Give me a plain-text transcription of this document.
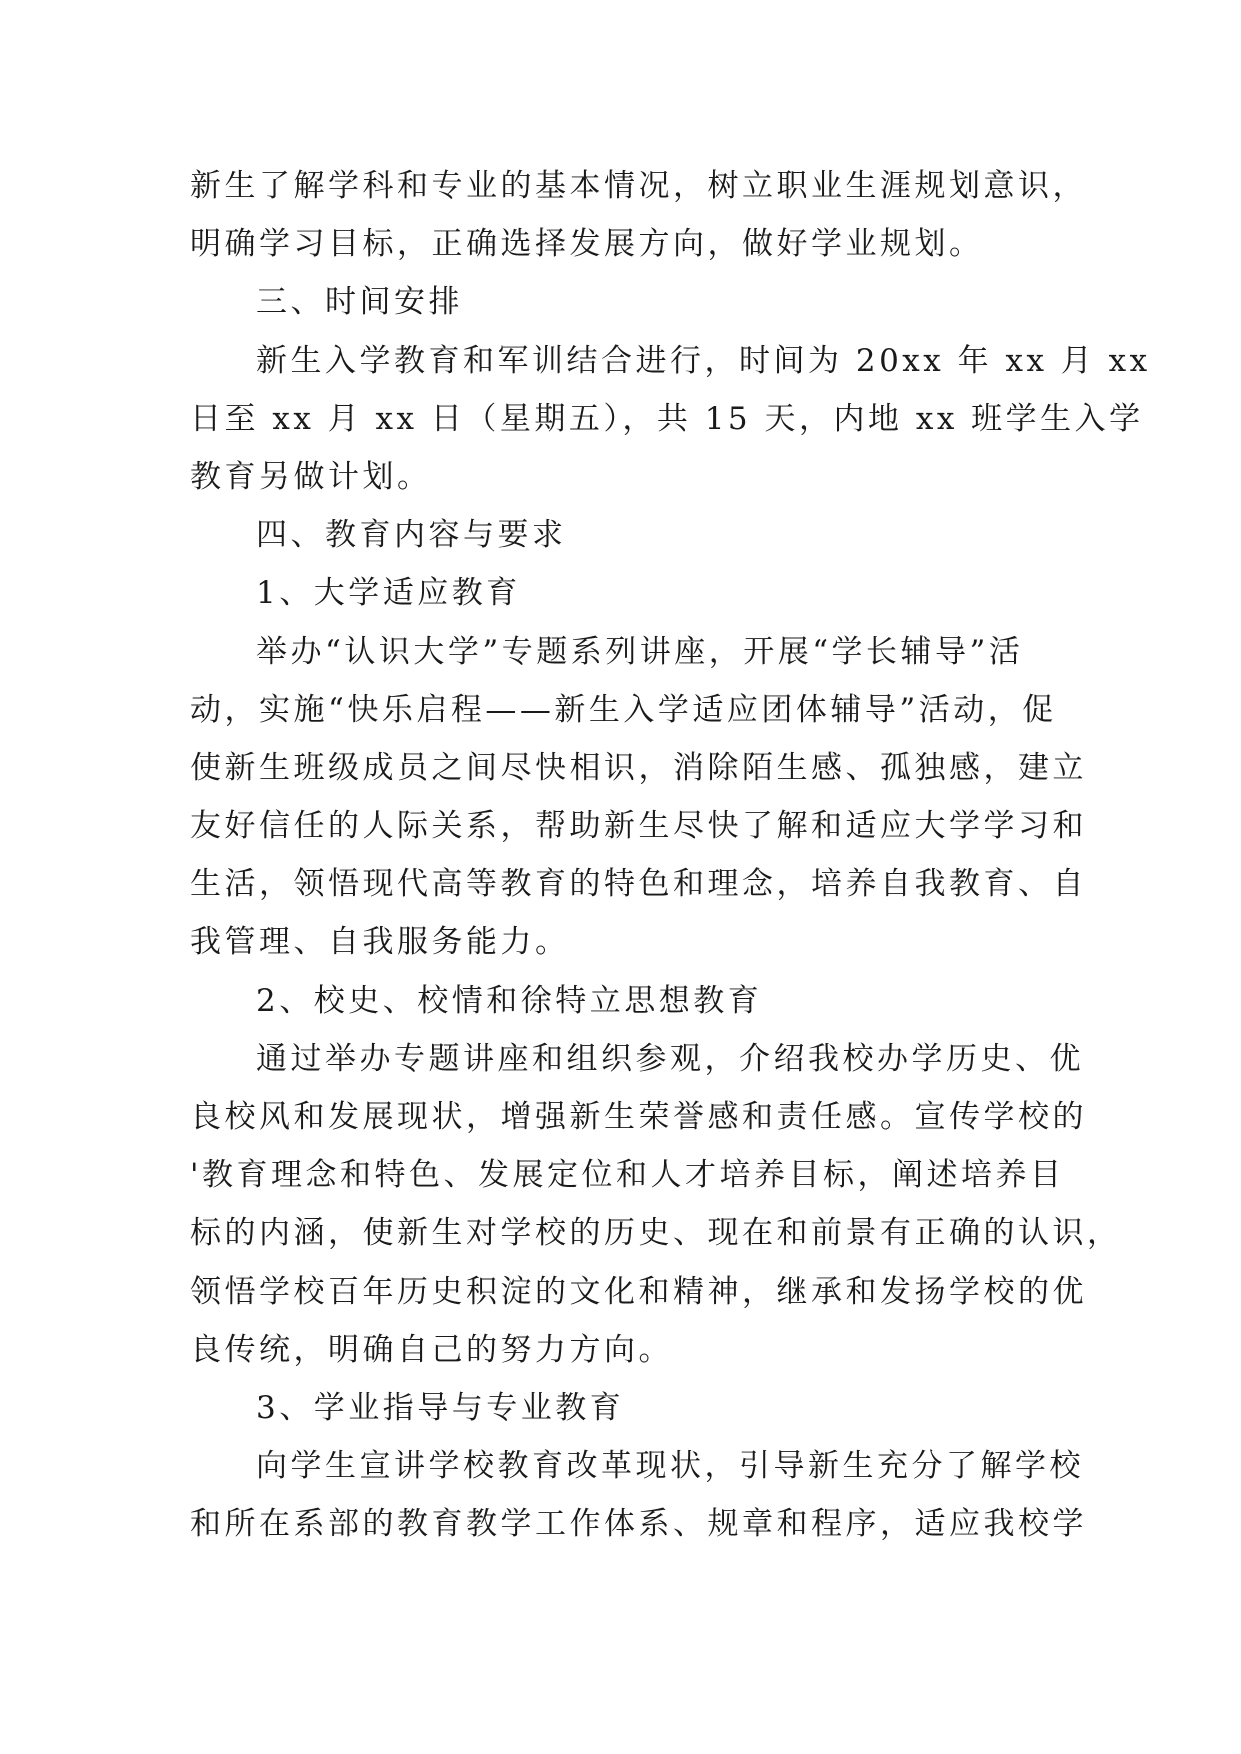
新生了解学科和专业的基本情况，树立职业生涯规划意识，
明确学习目标，正确选择发展方向，做好学业规划。
三、时间安排
新生入学教育和军训结合进行，时间为 20xx 年 xx 月 xx
日至 xx 月 xx 日（星期五），共 15 天，内地 xx 班学生入学
教育另做计划。
四、教育内容与要求
1、大学适应教育
举办“认识大学”专题系列讲座，开展“学长辅导”活
动，实施“快乐启程——新生入学适应团体辅导”活动，促
使新生班级成员之间尽快相识，消除陌生感、孤独感，建立
友好信任的人际关系，帮助新生尽快了解和适应大学学习和
生活，领悟现代高等教育的特色和理念，培养自我教育、自
我管理、自我服务能力。
2、校史、校情和徐特立思想教育
通过举办专题讲座和组织参观，介绍我校办学历史、优
良校风和发展现状，增强新生荣誉感和责任感。宣传学校的
'教育理念和特色、发展定位和人才培养目标，阐述培养目
标的内涵，使新生对学校的历史、现在和前景有正确的认识，
领悟学校百年历史积淀的文化和精神，继承和发扬学校的优
良传统，明确自己的努力方向。
3、学业指导与专业教育
向学生宣讲学校教育改革现状，引导新生充分了解学校
和所在系部的教育教学工作体系、规章和程序，适应我校学
